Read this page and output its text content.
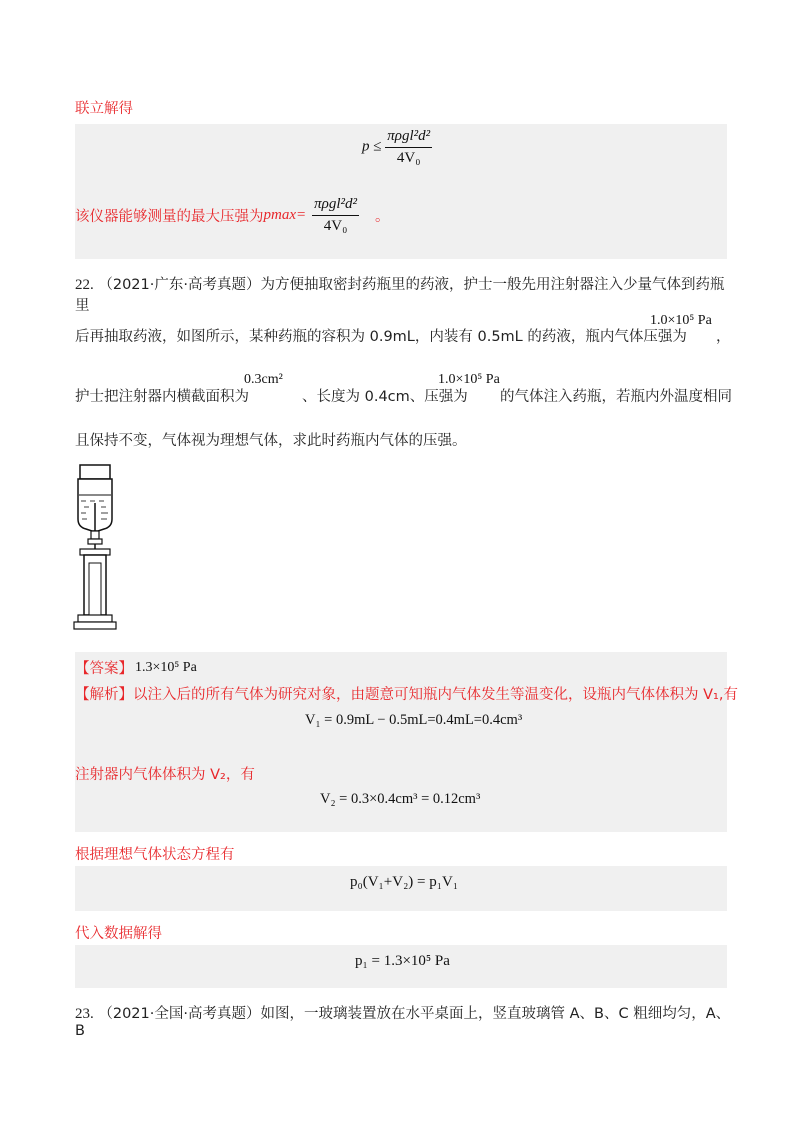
联立解得
$p \le \frac{\text{πρgl²d²}}{\text{4V₀}}$
该仪器能够测量的最大压强为 $pmax= \frac{\text{πρgl²d²}}{\text{4V₀}}$ 。
22. （2021·广东·高考真题）为方便抽取密封药瓶里的药液，护士一般先用注射器注入少量气体到药瓶里
后再抽取药液，如图所示，某种药瓶的容积为 0.9mL，内装有 0.5mL 的药液，瓶内气体压强为
1.0×10⁵ Pa
，
护士把注射器内横截面积为
0.3cm²
、长度为 0.4cm、压强为
1.0×10⁵ Pa
的气体注入药瓶，若瓶内外温度相同
且保持不变，气体视为理想气体，求此时药瓶内气体的压强。
【答案】 1.3×10⁵ Pa
【解析】以注入后的所有气体为研究对象，由题意可知瓶内气体发生等温变化，设瓶内气体体积为 V₁,有
V₁ = 0.9mL − 0.5mL=0.4mL=0.4cm³
注射器内气体体积为 V₂，有
V₂ = 0.3×0.4cm³ = 0.12cm³
根据理想气体状态方程有
p₀(V₁+V₂) = p₁V₁
代入数据解得
p₁ = 1.3×10⁵ Pa
23. （2021·全国·高考真题）如图，一玻璃装置放在水平桌面上，竖直玻璃管 A、B、C 粗细均匀，A、B
